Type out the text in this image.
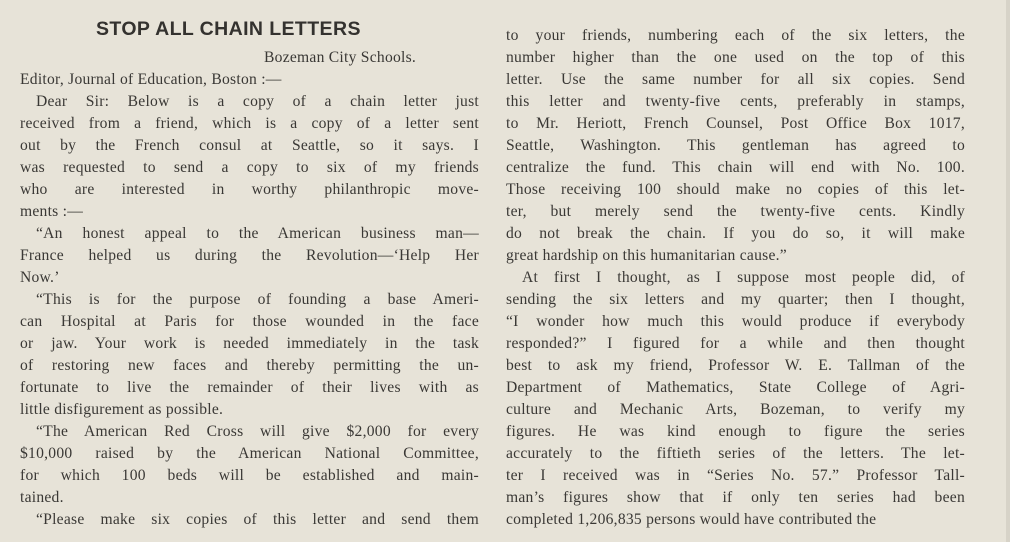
STOP ALL CHAIN LETTERS
Bozeman City Schools.
Editor, Journal of Education, Boston :—
Dear Sir: Below is a copy of a chain letter just
received from a friend, which is a copy of a letter sent
out by the French consul at Seattle, so it says. I
was requested to send a copy to six of my friends
who are interested in worthy philanthropic move-
ments :—
“An honest appeal to the American business man—
France helped us during the Revolution—‘Help Her
Now.’
“This is for the purpose of founding a base Ameri-
can Hospital at Paris for those wounded in the face
or jaw. Your work is needed immediately in the task
of restoring new faces and thereby permitting the un-
fortunate to live the remainder of their lives with as
little disfigurement as possible.
“The American Red Cross will give $2,000 for every
$10,000 raised by the American National Committee,
for which 100 beds will be established and main-
tained.
“Please make six copies of this letter and send them
to your friends, numbering each of the six letters, the
number higher than the one used on the top of this
letter. Use the same number for all six copies. Send
this letter and twenty-five cents, preferably in stamps,
to Mr. Heriott, French Counsel, Post Office Box 1017,
Seattle, Washington. This gentleman has agreed to
centralize the fund. This chain will end with No. 100.
Those receiving 100 should make no copies of this let-
ter, but merely send the twenty-five cents. Kindly
do not break the chain. If you do so, it will make
great hardship on this humanitarian cause.”
At first I thought, as I suppose most people did, of
sending the six letters and my quarter; then I thought,
“I wonder how much this would produce if everybody
responded?” I figured for a while and then thought
best to ask my friend, Professor W. E. Tallman of the
Department of Mathematics, State College of Agri-
culture and Mechanic Arts, Bozeman, to verify my
figures. He was kind enough to figure the series
accurately to the fiftieth series of the letters. The let-
ter I received was in “Series No. 57.” Professor Tall-
man’s figures show that if only ten series had been
completed 1,206,835 persons would have contributed the
